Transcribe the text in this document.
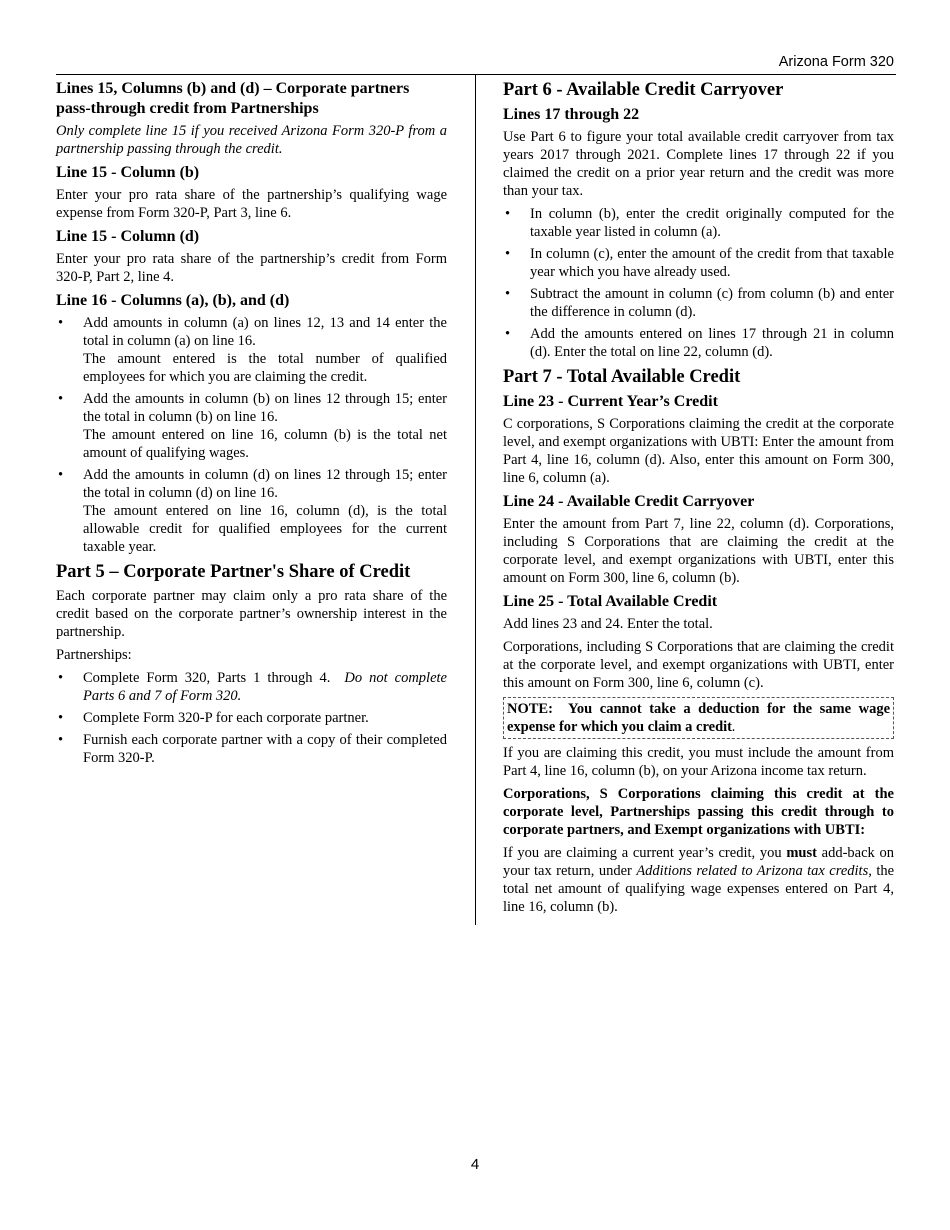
Arizona Form 320
Lines 15, Columns (b) and (d) – Corporate partners pass-through credit from Partnerships

Only complete line 15 if you received Arizona Form 320-P from a partnership passing through the credit.

Line 15 - Column (b)

Enter your pro rata share of the partnership’s qualifying wage expense from Form 320-P, Part 3, line 6.

Line 15 - Column (d)

Enter your pro rata share of the partnership’s credit from Form 320-P, Part 2, line 4.

Line 16 - Columns (a), (b), and (d)
• Add amounts in column (a) on lines 12, 13 and 14 enter the total in column (a) on line 16.

The amount entered is the total number of qualified employees for which you are claiming the credit.

• Add the amounts in column (b) on lines 12 through 15; enter the total in column (b) on line 16.

The amount entered on line 16, column (b) is the total net amount of qualifying wages.

• Add the amounts in column (d) on lines 12 through 15; enter the total in column (d) on line 16.

The amount entered on line 16, column (d), is the total allowable credit for qualified employees for the current taxable year.

Part 5 – Corporate Partner's Share of Credit

Each corporate partner may claim only a pro rata share of the credit based on the corporate partner’s ownership interest in the partnership.

Partnerships:

• Complete Form 320, Parts 1 through 4. Do not complete Parts 6 and 7 of Form 320.
• Complete Form 320-P for each corporate partner.
• Furnish each corporate partner with a copy of their completed Form 320-P.
Part 6 - Available Credit Carryover
Lines 17 through 22

Use Part 6 to figure your total available credit carryover from tax years 2017 through 2021. Complete lines 17 through 22 if you claimed the credit on a prior year return and the credit was more than your tax.

• In column (b), enter the credit originally computed for the taxable year listed in column (a).
• In column (c), enter the amount of the credit from that taxable year which you have already used.
• Subtract the amount in column (c) from column (b) and enter the difference in column (d).
• Add the amounts entered on lines 17 through 21 in column (d). Enter the total on line 22, column (d).
Part 7 - Total Available Credit
Line 23 - Current Year’s Credit

C corporations, S Corporations claiming the credit at the corporate level, and exempt organizations with UBTI: Enter the amount from Part 4, line 16, column (d). Also, enter this amount on Form 300, line 6, column (a).

Line 24 - Available Credit Carryover

Enter the amount from Part 7, line 22, column (d). Corporations, including S Corporations that are claiming the credit at the corporate level, and exempt organizations with UBTI, enter this amount on Form 300, line 6, column (b).

Line 25 - Total Available Credit

Add lines 23 and 24. Enter the total.

Corporations, including S Corporations that are claiming the credit at the corporate level, and exempt organizations with UBTI, enter this amount on Form 300, line 6, column (c).

NOTE: You cannot take a deduction for the same wage expense for which you claim a credit.

If you are claiming this credit, you must include the amount from Part 4, line 16, column (b), on your Arizona income tax return.

Corporations, S Corporations claiming this credit at the corporate level, Partnerships passing this credit through to corporate partners, and Exempt organizations with UBTI:

If you are claiming a current year’s credit, you must add-back on your tax return, under Additions related to Arizona tax credits, the total net amount of qualifying wage expenses entered on Part 4, line 16, column (b).

4
